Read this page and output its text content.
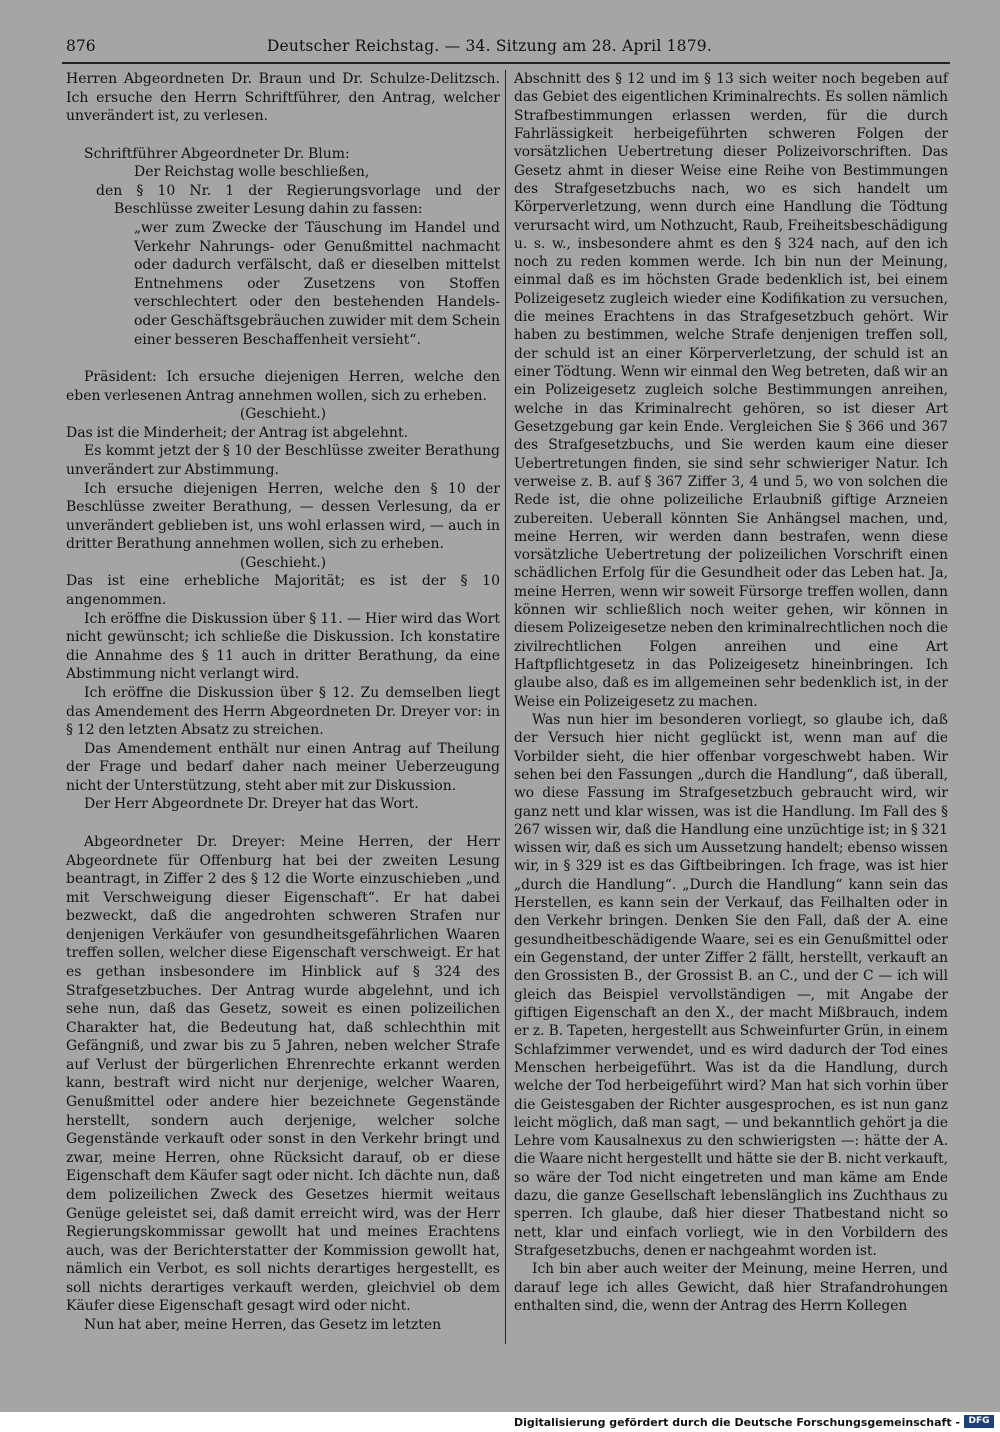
876	Deutscher Reichstag. — 34. Sitzung am 28. April 1879.

Herren Abgeordneten Dr. Braun und Dr. Schulze-Delitzsch. Ich ersuche den Herrn Schriftführer, den Antrag, welcher unverändert ist, zu verlesen.

Schriftführer Abgeordneter Dr. Blum:

Der Reichstag wolle beschließen,

den § 10 Nr. 1 der Regierungsvorlage und der Beschlüsse zweiter Lesung dahin zu fassen:

„wer zum Zwecke der Täuschung im Handel und Verkehr Nahrungs- oder Genußmittel nachmacht oder dadurch verfälscht, daß er dieselben mittelst Entnehmens oder Zusetzens von Stoffen verschlechtert oder den bestehenden Handels- oder Geschäftsgebräuchen zuwider mit dem Schein einer besseren Beschaffenheit versieht“.

Präsident: Ich ersuche diejenigen Herren, welche den eben verlesenen Antrag annehmen wollen, sich zu erheben.

(Geschieht.)

Das ist die Minderheit; der Antrag ist abgelehnt.

Es kommt jetzt der § 10 der Beschlüsse zweiter Berathung unverändert zur Abstimmung.

Ich ersuche diejenigen Herren, welche den § 10 der Beschlüsse zweiter Berathung, — dessen Verlesung, da er unverändert geblieben ist, uns wohl erlassen wird, — auch in dritter Berathung annehmen wollen, sich zu erheben.

(Geschieht.)

Das ist eine erhebliche Majorität; es ist der § 10 angenommen.

Ich eröffne die Diskussion über § 11. — Hier wird das Wort nicht gewünscht; ich schließe die Diskussion. Ich konstatire die Annahme des § 11 auch in dritter Berathung, da eine Abstimmung nicht verlangt wird.

Ich eröffne die Diskussion über § 12. Zu demselben liegt das Amendement des Herrn Abgeordneten Dr. Dreyer vor: in § 12 den letzten Absatz zu streichen.

Das Amendement enthält nur einen Antrag auf Theilung der Frage und bedarf daher nach meiner Ueberzeugung nicht der Unterstützung, steht aber mit zur Diskussion.

Der Herr Abgeordnete Dr. Dreyer hat das Wort.

Abgeordneter Dr. Dreyer: Meine Herren, der Herr Abgeordnete für Offenburg hat bei der zweiten Lesung beantragt, in Ziffer 2 des § 12 die Worte einzuschieben „und mit Verschweigung dieser Eigenschaft“. Er hat dabei bezweckt, daß die angedrohten schweren Strafen nur denjenigen Verkäufer von gesundheitsgefährlichen Waaren treffen sollen, welcher diese Eigenschaft verschweigt. Er hat es gethan insbesondere im Hinblick auf § 324 des Strafgesetzbuches. Der Antrag wurde abgelehnt, und ich sehe nun, daß das Gesetz, soweit es einen polizeilichen Charakter hat, die Bedeutung hat, daß schlechthin mit Gefängniß, und zwar bis zu 5 Jahren, neben welcher Strafe auf Verlust der bürgerlichen Ehrenrechte erkannt werden kann, bestraft wird nicht nur derjenige, welcher Waaren, Genußmittel oder andere hier bezeichnete Gegenstände herstellt, sondern auch derjenige, welcher solche Gegenstände verkauft oder sonst in den Verkehr bringt und zwar, meine Herren, ohne Rücksicht darauf, ob er diese Eigenschaft dem Käufer sagt oder nicht. Ich dächte nun, daß dem polizeilichen Zweck des Gesetzes hiermit weitaus Genüge geleistet sei, daß damit erreicht wird, was der Herr Regierungskommissar gewollt hat und meines Erachtens auch, was der Berichterstatter der Kommission gewollt hat, nämlich ein Verbot, es soll nichts derartiges hergestellt, es soll nichts derartiges verkauft werden, gleichviel ob dem Käufer diese Eigenschaft gesagt wird oder nicht.

Nun hat aber, meine Herren, das Gesetz im letzten

Abschnitt des § 12 und im § 13 sich weiter noch begeben auf das Gebiet des eigentlichen Kriminalrechts. Es sollen nämlich Strafbestimmungen erlassen werden, für die durch Fahrlässigkeit herbeigeführten schweren Folgen der vorsätzlichen Uebertretung dieser Polizeivorschriften. Das Gesetz ahmt in dieser Weise eine Reihe von Bestimmungen des Strafgesetzbuchs nach, wo es sich handelt um Körperverletzung, wenn durch eine Handlung die Tödtung verursacht wird, um Nothzucht, Raub, Freiheitsbeschädigung u. s. w., insbesondere ahmt es den § 324 nach, auf den ich noch zu reden kommen werde. Ich bin nun der Meinung, einmal daß es im höchsten Grade bedenklich ist, bei einem Polizeigesetz zugleich wieder eine Kodifikation zu versuchen, die meines Erachtens in das Strafgesetzbuch gehört. Wir haben zu bestimmen, welche Strafe denjenigen treffen soll, der schuld ist an einer Körperverletzung, der schuld ist an einer Tödtung. Wenn wir einmal den Weg betreten, daß wir an ein Polizeigesetz zugleich solche Bestimmungen anreihen, welche in das Kriminalrecht gehören, so ist dieser Art Gesetzgebung gar kein Ende. Vergleichen Sie § 366 und 367 des Strafgesetzbuchs, und Sie werden kaum eine dieser Uebertretungen finden, sie sind sehr schwieriger Natur. Ich verweise z. B. auf § 367 Ziffer 3, 4 und 5, wo von solchen die Rede ist, die ohne polizeiliche Erlaubniß giftige Arzneien zubereiten. Ueberall könnten Sie Anhängsel machen, und, meine Herren, wir werden dann bestrafen, wenn diese vorsätzliche Uebertretung der polizeilichen Vorschrift einen schädlichen Erfolg für die Gesundheit oder das Leben hat. Ja, meine Herren, wenn wir soweit Fürsorge treffen wollen, dann können wir schließlich noch weiter gehen, wir können in diesem Polizeigesetze neben den kriminalrechtlichen noch die zivilrechtlichen Folgen anreihen und eine Art Haftpflichtgesetz in das Polizeigesetz hineinbringen. Ich glaube also, daß es im allgemeinen sehr bedenklich ist, in der Weise ein Polizeigesetz zu machen.

Was nun hier im besonderen vorliegt, so glaube ich, daß der Versuch hier nicht geglückt ist, wenn man auf die Vorbilder sieht, die hier offenbar vorgeschwebt haben. Wir sehen bei den Fassungen „durch die Handlung“, daß überall, wo diese Fassung im Strafgesetzbuch gebraucht wird, wir ganz nett und klar wissen, was ist die Handlung. Im Fall des § 267 wissen wir, daß die Handlung eine unzüchtige ist; in § 321 wissen wir, daß es sich um Aussetzung handelt; ebenso wissen wir, in § 329 ist es das Giftbeibringen. Ich frage, was ist hier „durch die Handlung“. „Durch die Handlung“ kann sein das Herstellen, es kann sein der Verkauf, das Feilhalten oder in den Verkehr bringen. Denken Sie den Fall, daß der A. eine gesundheitbeschädigende Waare, sei es ein Genußmittel oder ein Gegenstand, der unter Ziffer 2 fällt, herstellt, verkauft an den Grossisten B., der Grossist B. an C., und der C — ich will gleich das Beispiel vervollständigen —, mit Angabe der giftigen Eigenschaft an den X., der macht Mißbrauch, indem er z. B. Tapeten, hergestellt aus Schweinfurter Grün, in einem Schlafzimmer verwendet, und es wird dadurch der Tod eines Menschen herbeigeführt. Was ist da die Handlung, durch welche der Tod herbeigeführt wird? Man hat sich vorhin über die Geistesgaben der Richter ausgesprochen, es ist nun ganz leicht möglich, daß man sagt, — und bekanntlich gehört ja die Lehre vom Kausalnexus zu den schwierigsten —: hätte der A. die Waare nicht hergestellt und hätte sie der B. nicht verkauft, so wäre der Tod nicht eingetreten und man käme am Ende dazu, die ganze Gesellschaft lebenslänglich ins Zuchthaus zu sperren. Ich glaube, daß hier dieser Thatbestand nicht so nett, klar und einfach vorliegt, wie in den Vorbildern des Strafgesetzbuchs, denen er nachgeahmt worden ist.

Ich bin aber auch weiter der Meinung, meine Herren, und darauf lege ich alles Gewicht, daß hier Strafandrohungen enthalten sind, die, wenn der Antrag des Herrn Kollegen

Digitalisierung gefördert durch die Deutsche Forschungsgemeinschaft - DFG
